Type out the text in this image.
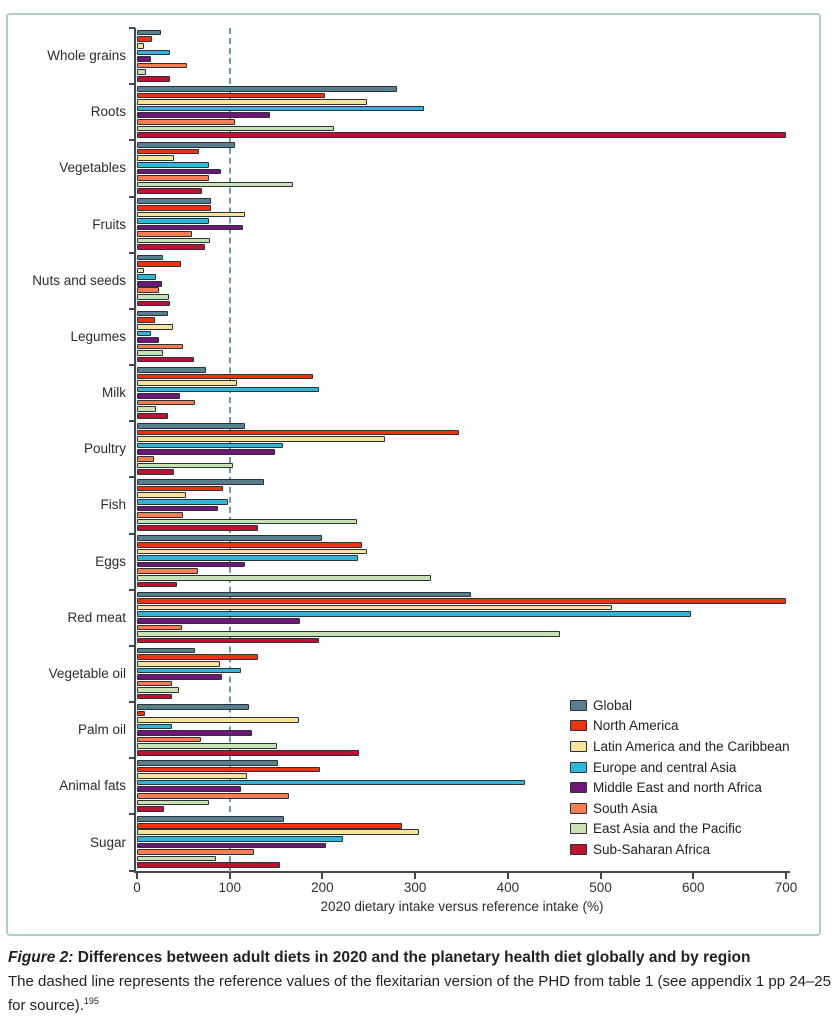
Whole grains
Roots
Vegetables
Fruits
Nuts and seeds
Legumes
Milk
Poultry
Fish
Eggs
Red meat
Vegetable oil
Palm oil
Animal fats
Sugar
0	100	200	300	400	500	600	700
2020 dietary intake versus reference intake (%)
Global
North America
Latin America and the Caribbean
Europe and central Asia
Middle East and north Africa
South Asia
East Asia and the Pacific
Sub-Saharan Africa
Figure 2: Differences between adult diets in 2020 and the planetary health diet globally and by region
The dashed line represents the reference values of the flexitarian version of the PHD from table 1 (see appendix 1 pp 24–25 for source).$^{195}$
